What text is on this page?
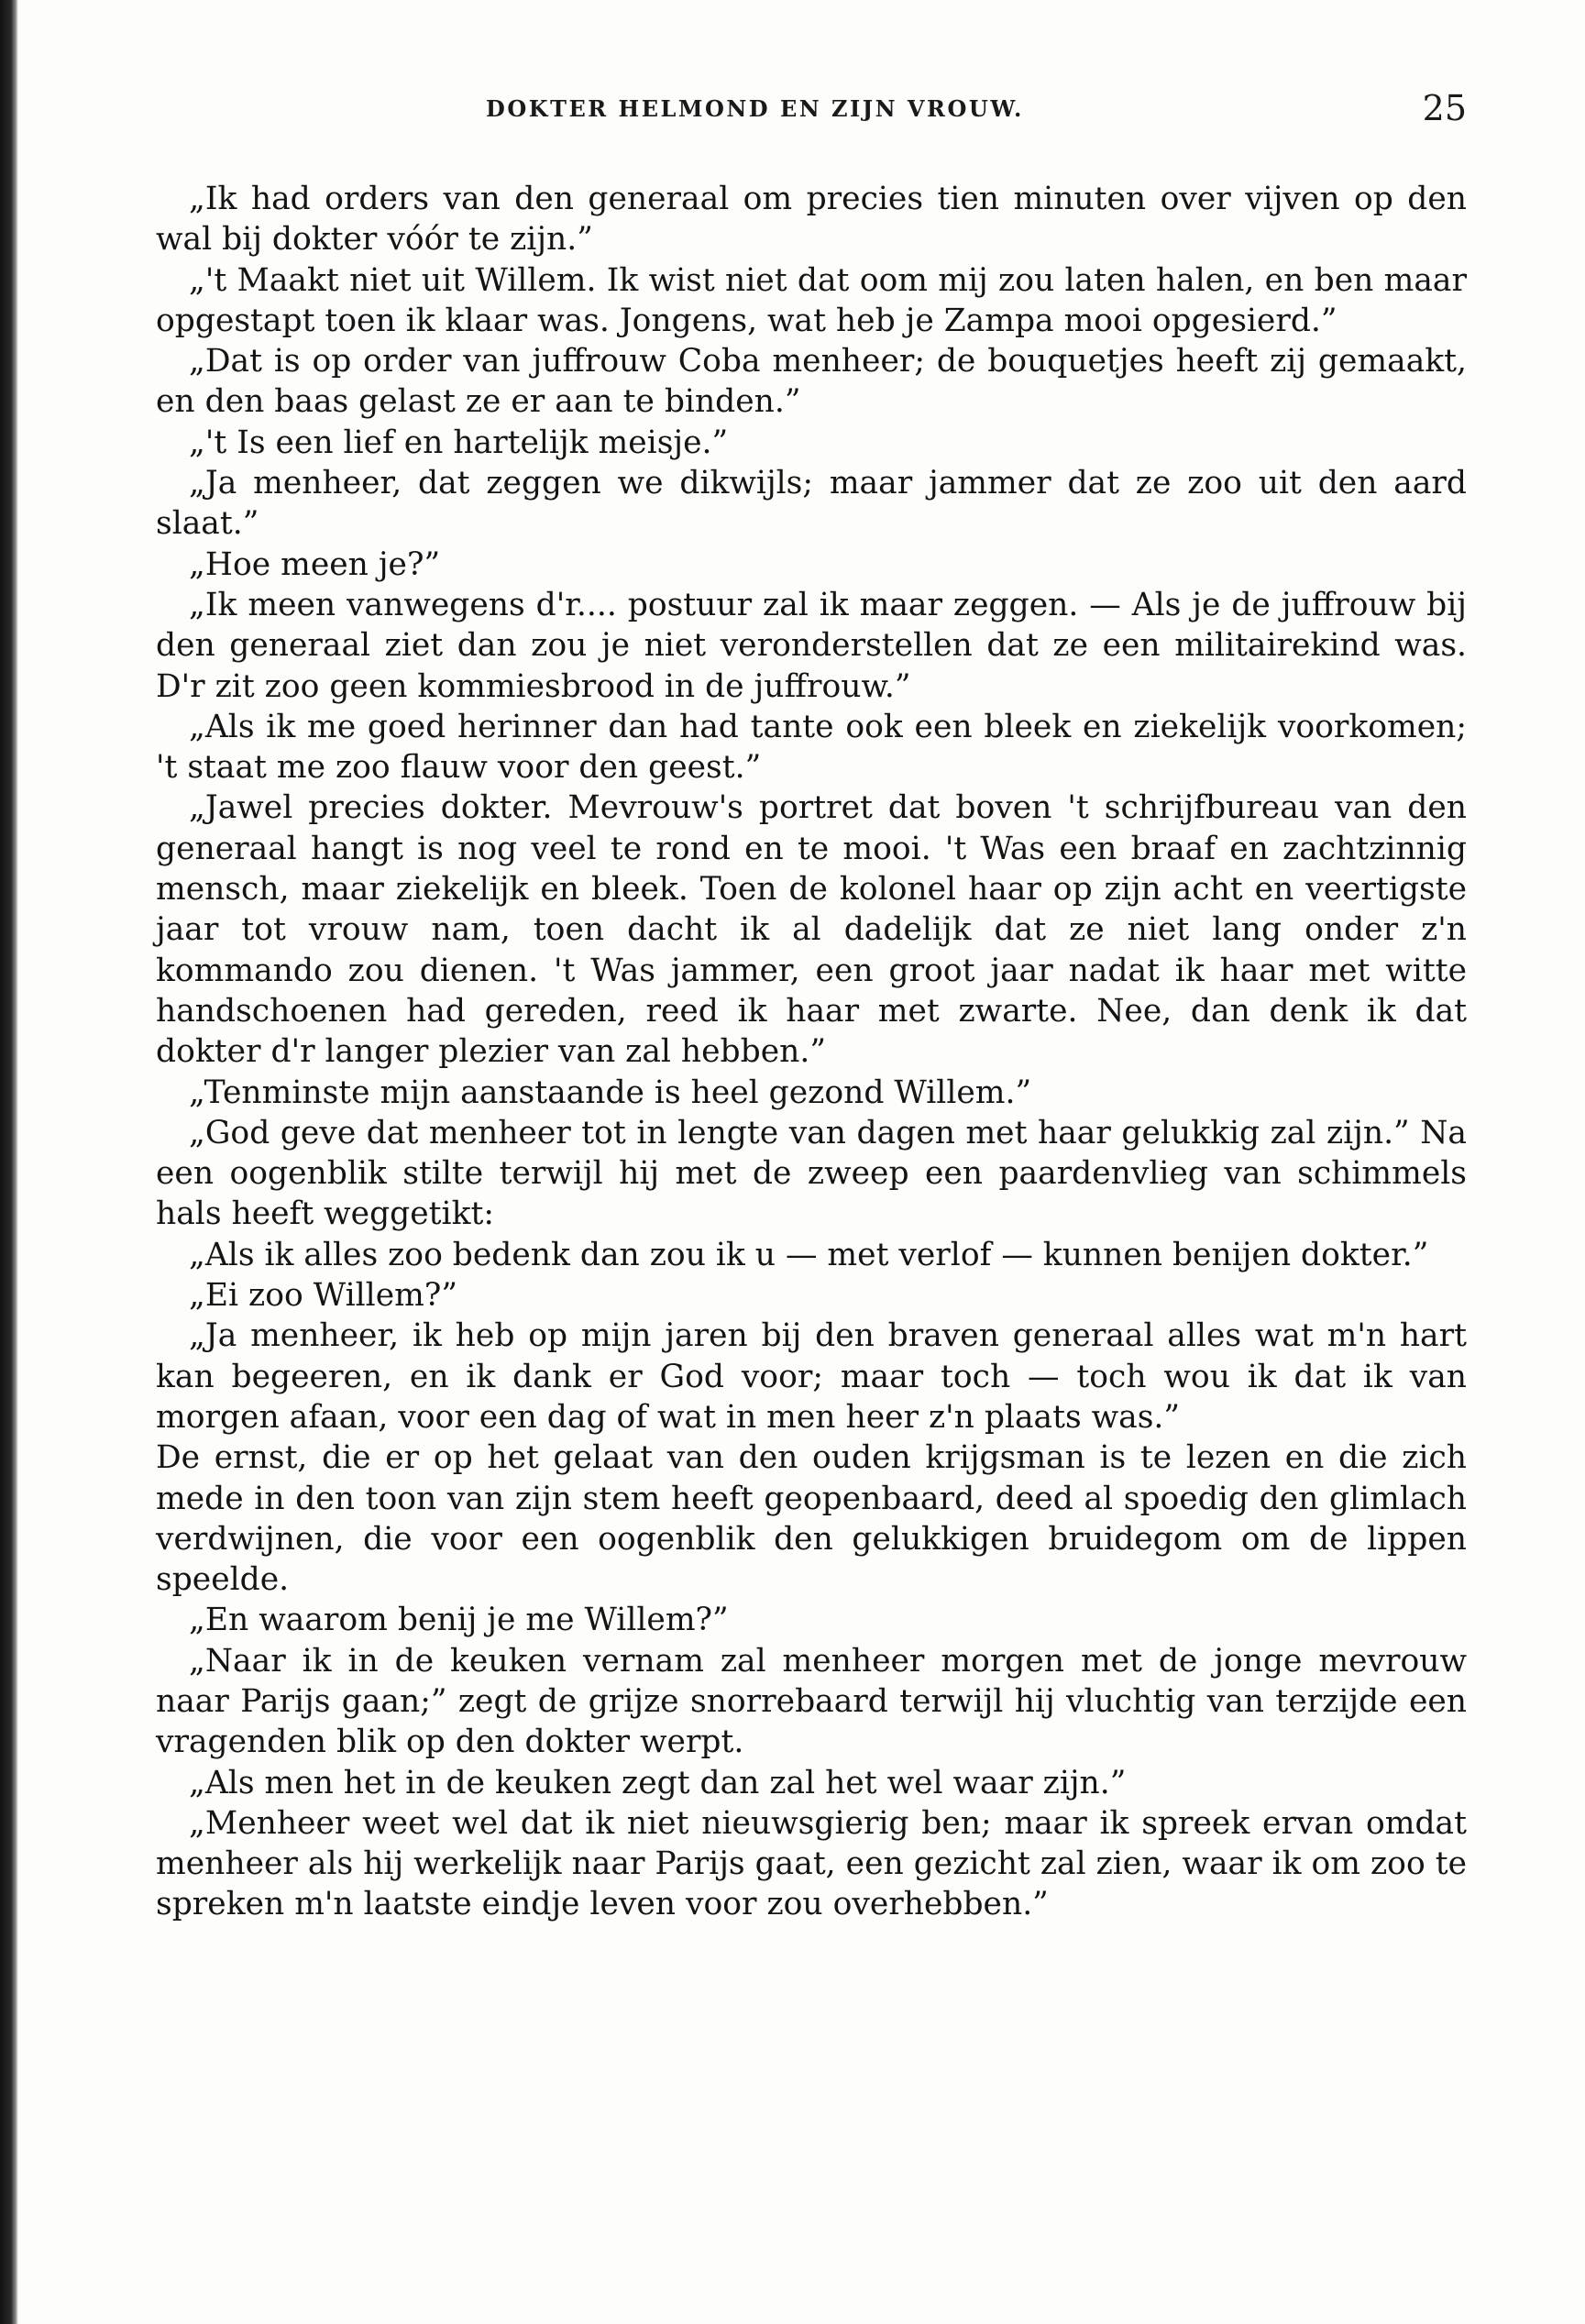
DOKTER HELMOND EN ZIJN VROUW.	25

„Ik had orders van den generaal om precies tien minuten over vijven op den wal bij dokter vóór te zijn.”

„'t Maakt niet uit Willem. Ik wist niet dat oom mij zou laten halen, en ben maar opgestapt toen ik klaar was. Jongens, wat heb je Zampa mooi opgesierd.”

„Dat is op order van juffrouw Coba menheer; de bouquetjes heeft zij gemaakt, en den baas gelast ze er aan te binden.”

„'t Is een lief en hartelijk meisje.”

„Ja menheer, dat zeggen we dikwijls; maar jammer dat ze zoo uit den aard slaat.”

„Hoe meen je?”

„Ik meen vanwegens d'r.... postuur zal ik maar zeggen. — Als je de juffrouw bij den generaal ziet dan zou je niet veronderstellen dat ze een militairekind was. D'r zit zoo geen kommiesbrood in de juffrouw.”

„Als ik me goed herinner dan had tante ook een bleek en ziekelijk voorkomen; 't staat me zoo flauw voor den geest.”

„Jawel precies dokter. Mevrouw's portret dat boven 't schrijfbureau van den generaal hangt is nog veel te rond en te mooi. 't Was een braaf en zachtzinnig mensch, maar ziekelijk en bleek. Toen de kolonel haar op zijn acht en veertigste jaar tot vrouw nam, toen dacht ik al dadelijk dat ze niet lang onder z'n kommando zou dienen. 't Was jammer, een groot jaar nadat ik haar met witte handschoenen had gereden, reed ik haar met zwarte. Nee, dan denk ik dat dokter d'r langer plezier van zal hebben.”

„Tenminste mijn aanstaande is heel gezond Willem.”

„God geve dat menheer tot in lengte van dagen met haar gelukkig zal zijn.” Na een oogenblik stilte terwijl hij met de zweep een paardenvlieg van schimmels hals heeft weggetikt:

„Als ik alles zoo bedenk dan zou ik u — met verlof — kunnen benijen dokter.”

„Ei zoo Willem?”

„Ja menheer, ik heb op mijn jaren bij den braven generaal alles wat m'n hart kan begeeren, en ik dank er God voor; maar toch — toch wou ik dat ik van morgen afaan, voor een dag of wat in men heer z'n plaats was.”

De ernst, die er op het gelaat van den ouden krijgsman is te lezen en die zich mede in den toon van zijn stem heeft geopenbaard, deed al spoedig den glimlach verdwijnen, die voor een oogenblik den gelukkigen bruidegom om de lippen speelde.

„En waarom benij je me Willem?”

„Naar ik in de keuken vernam zal menheer morgen met de jonge mevrouw naar Parijs gaan;” zegt de grijze snorrebaard terwijl hij vluchtig van terzijde een vragenden blik op den dokter werpt.

„Als men het in de keuken zegt dan zal het wel waar zijn.”

„Menheer weet wel dat ik niet nieuwsgierig ben; maar ik spreek ervan omdat menheer als hij werkelijk naar Parijs gaat, een gezicht zal zien, waar ik om zoo te spreken m'n laatste eindje leven voor zou overhebben.”
